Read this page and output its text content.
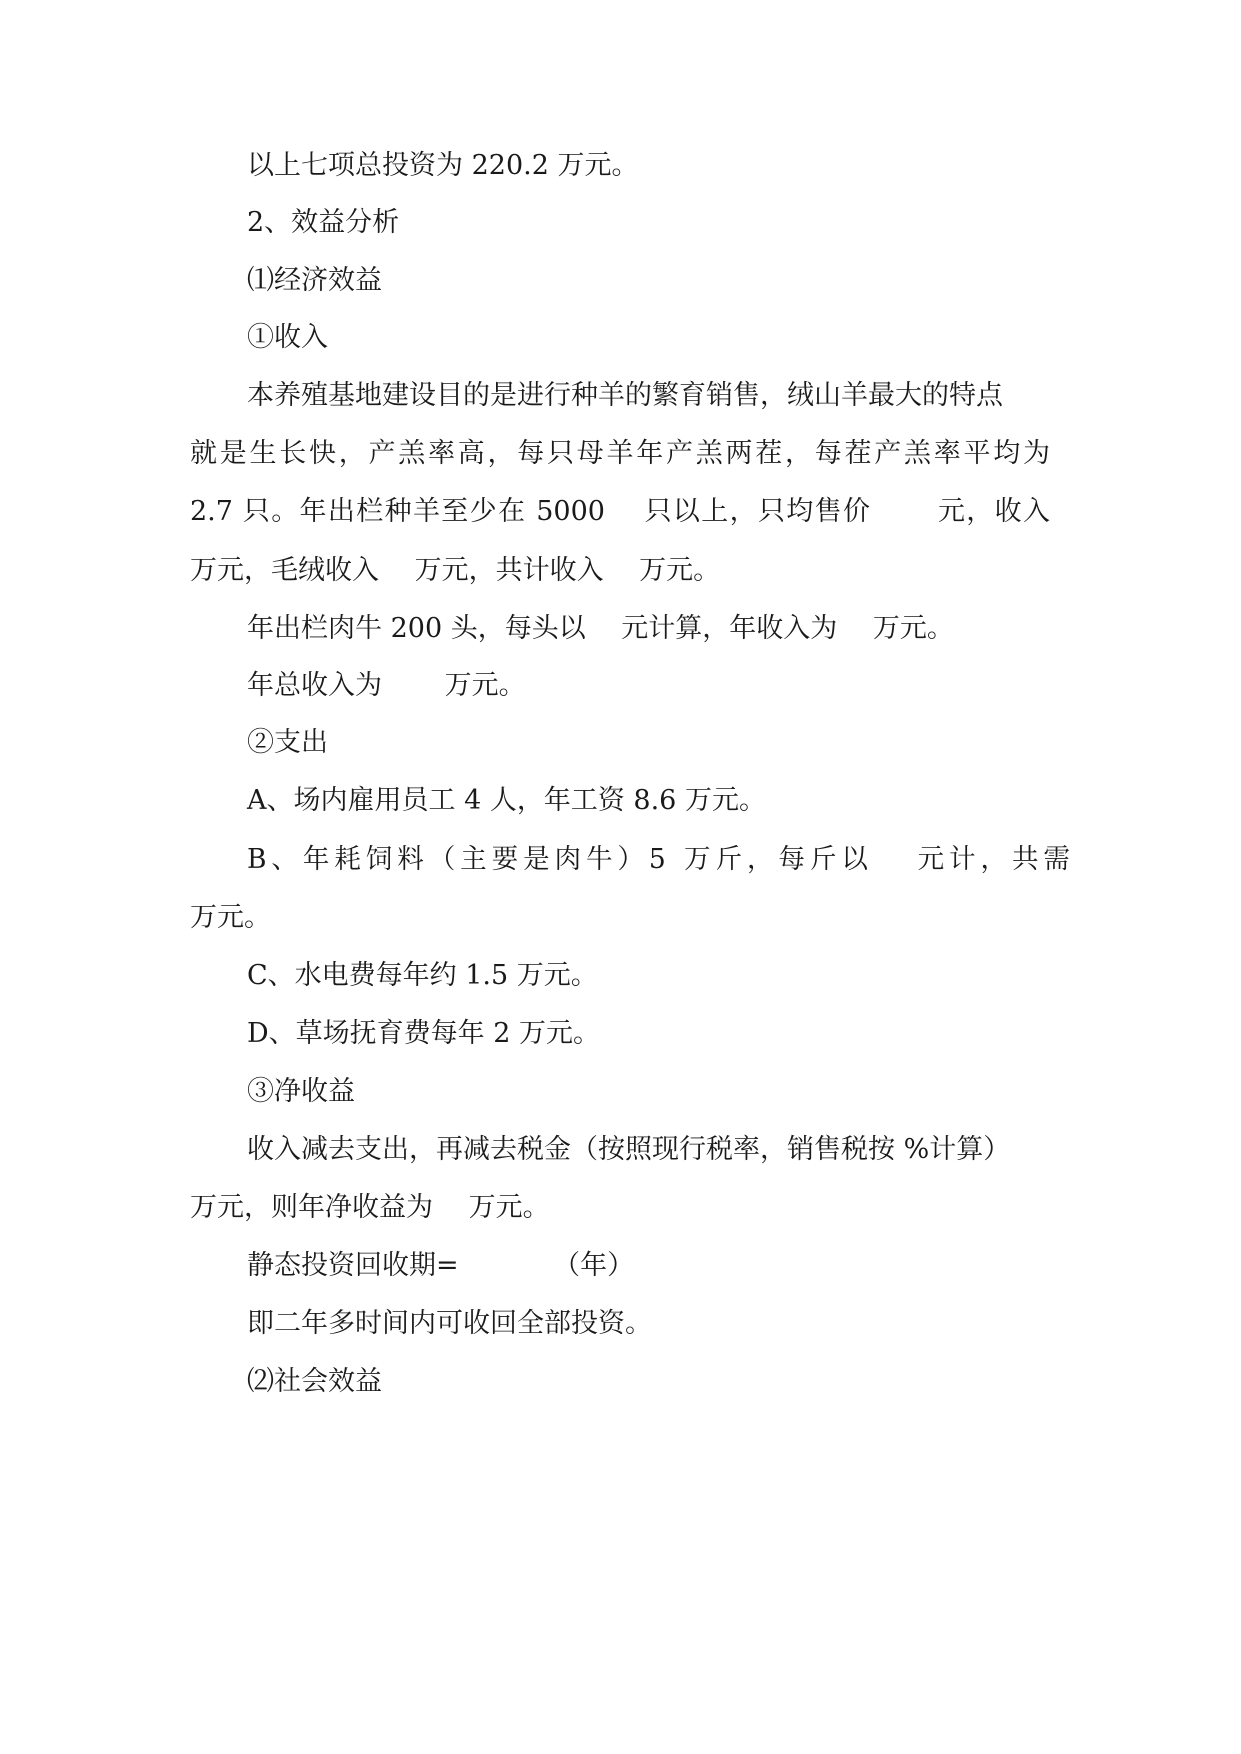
以上七项总投资为 220.2 万元。

2、效益分析

⑴经济效益

①收入

本养殖基地建设目的是进行种羊的繁育销售，绒山羊最大的特点

就是生长快，产羔率高，每只母羊年产羔两茬，每茬产羔率平均为

2.7 只。年出栏种羊至少在 5000　 只以上，只均售价　　 元，收入

万元，毛绒收入　 万元，共计收入　 万元。

年出栏肉牛 200 头，每头以　 元计算，年收入为　 万元。

年总收入为　　 万元。

②支出

A、场内雇用员工 4 人，年工资 8.6 万元。

B、年耗饲料（主要是肉牛）5 万斤，每斤以　 元计，共需

万元。

C、水电费每年约 1.5 万元。

D、草场抚育费每年 2 万元。

③净收益

收入减去支出，再减去税金（按照现行税率，销售税按 %计算）

万元，则年净收益为　 万元。

静态投资回收期=　　　　（年）

即二年多时间内可收回全部投资。

⑵社会效益
